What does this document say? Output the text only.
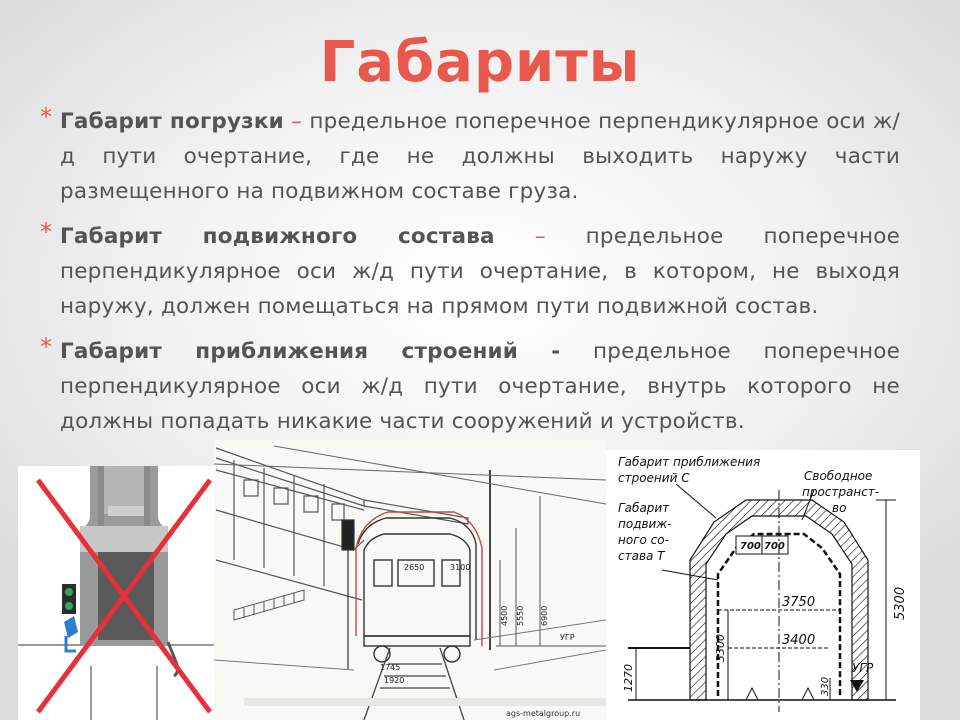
Габариты
* Габарит погрузки – предельное поперечное перпендикулярное оси ж/д пути очертание, где не должны выходить наружу части размещенного на подвижном составе груза.
* Габарит подвижного состава – предельное поперечное перпендикулярное оси ж/д пути очертание, в котором, не выходя наружу, должен помещаться на прямом пути подвижной состав.
* Габарит приближения строений - предельное поперечное перпендикулярное оси ж/д пути очертание, внутрь которого не должны попадать никакие части сооружений и устройств.
2650	3100
4500 5550 6900
УГР
1745
1920
ags-metalgroup.ru
700 700
3750
3400
5300
3300
330
1270	УГР
Габарит приближения
строений С	Свободное
пространст-
во
Габарит
подвиж-
ного со-
става Т
